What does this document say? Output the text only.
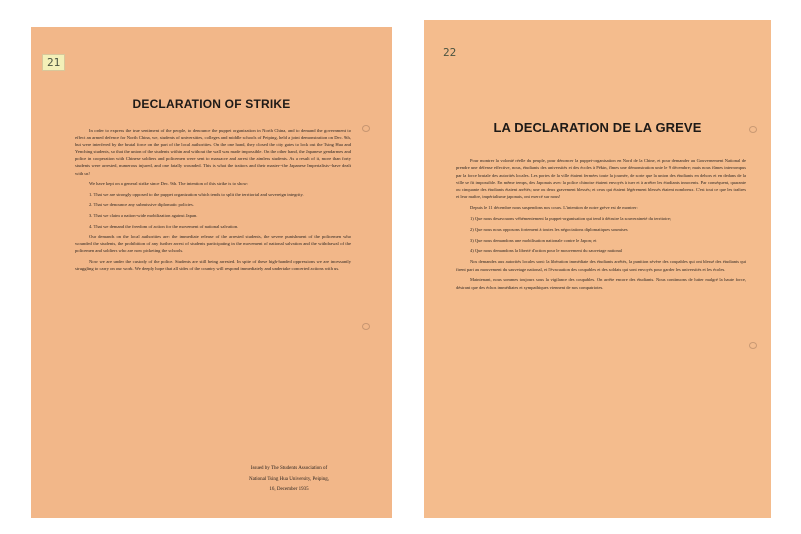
21
DECLARATION OF STRIKE

In order to express the true sentiment of the people, to denounce the puppet organization in North China, and to demand the government to effect an armed defence for North China, we, students of universities, colleges and middle schools of Peiping, held a joint demonstration on Dec. 9th, but were interfered by the brutal force on the part of the local authorities. On the one hand, they closed the city gates to lock out the Tsing Hua and Yenching students, so that the union of the students within and without the wall was made impossible. On the other hand, the Japanese gendarmes and police in cooperation with Chinese soldiers and policemen were sent to massacre and arrest the aimless students. As a result of it, more than forty students were arrested, numerous injured, and one fatally wounded. This is what the traitors and their master--the Japanese Imperialists--have dealt with us!

We have kept on a general strike since Dec. 9th. The intention of this strike is to show:

1. That we are strongly opposed to the puppet organization which tends to split the territorial and sovereign integrity.

2. That we denounce any submissive diplomatic policies.

3. That we claim a nation-wide mobilization against Japan.

4. That we demand the freedom of action for the movement of national salvation.

Our demands on the local authorities are: the immediate release of the arrested students, the severe punishment of the policemen who wounded the students, the prohibition of any further arrest of students participating in the movement of national salvation and the withdrawal of the policemen and soldiers who are now picketing the schools.

Now we are under the custody of the police. Students are still being arrested. In spite of these high-handed oppressions we are incessantly struggling to carry on our work. We deeply hope that all sides of the country will respond immediately and undertake concerted actions with us.

Issued by The Students Association of
National Tsing Hua University, Peiping,
16, December 1935
22
LA DECLARATION DE LA GREVE

Pour montrer la volonté réelle du peuple, pour dénoncer la puppet-organisation en Nord de la Chine, et pour demander au Gouvernement National de prendre une défense effective, nous, étudiants des universités et des écoles à Pékin, fîmes une démonstration unie le 9 décembre; mais nous fûmes interrompus par la force brutale des autorités locales. Les portes de la ville étaient fermées toute la journée, de sorte que la union des étudiants en dehors et en dedans de la ville se fit impossible. En même temps, des Japonais avec la police chinoise étaient envoyés à tuer et à arrêter les étudiants innocents. Par conséquent, quarante ou cinquante des étudiants étaient arrêtés; une ou deux gravement blessés; et ceux qui étaient légèrement blessés étaient nombreux. C'est tout ce que les traîtres et leur maître, impérialisme japonais, ont exercé sur nous!

Depuis le 11 décembre nous suspendons nos cours. L'intention de notre grève est de montrer:

1) Que nous desavouons véhémentement la puppet-organisation qui tend à détruire la souveraineté du territoire;

2) Que nous nous opposons fortement à toutes les négociations diplomatiques soumises

3) Que nous demandons une mobilisation nationale contre le Japon; et

4) Que nous demandons la liberté d'action pour le mouvement du sauvetage national

Nos demandes aux autorités locales sont: la libération immédiate des étudiants arrêtés, la punition sévère des coupables qui ont blessé des étudiants qui firent part au mouvement du sauvetage national, et l'évacuation des coupables et des soldats qui sont envoyés pour garder les universités et les écoles.

Maintenant, nous sommes toujours sous la vigilance des coupables. On arrête encore des étudiants. Nous continuons de lutter malgré la haute force, désirant que des échos immédiates et sympathiques viennent de nos compatriotes.
